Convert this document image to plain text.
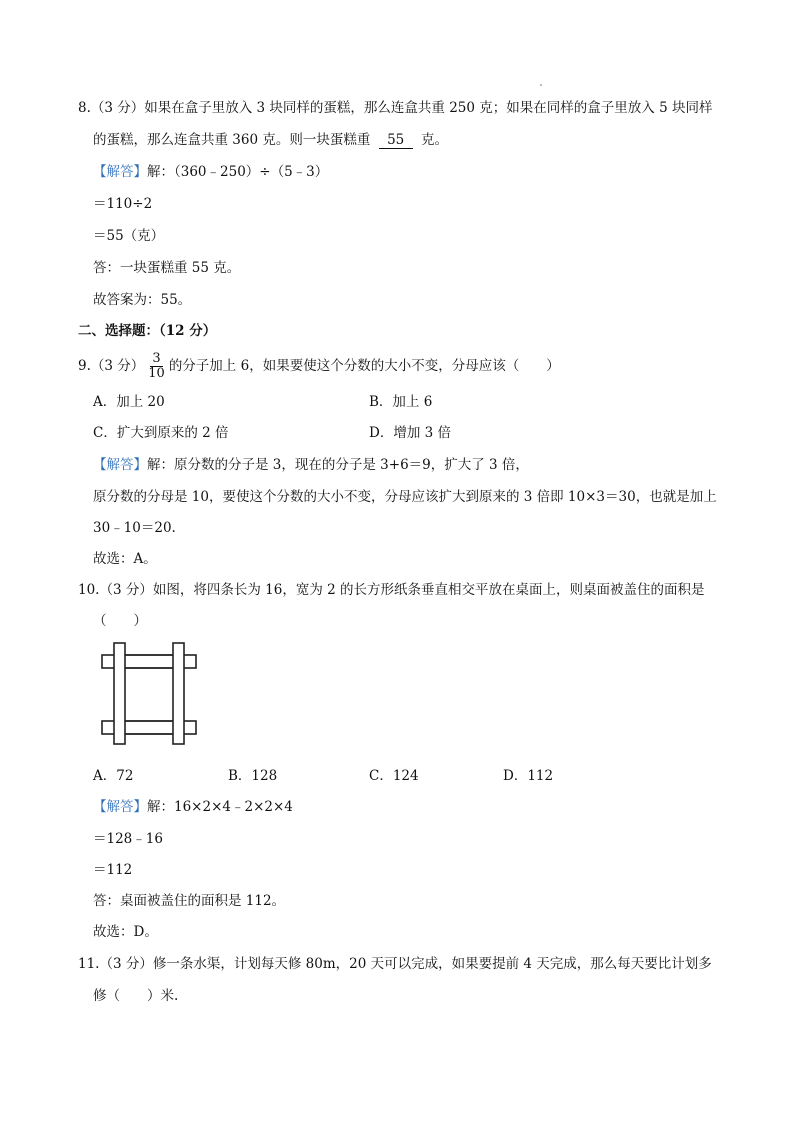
8.（3 分）如果在盒子里放入 3 块同样的蛋糕，那么连盒共重 250 克；如果在同样的盒子里放入 5 块同样
的蛋糕，那么连盒共重 360 克。则一块蛋糕重 55 克。
【解答】解：（360﹣250）÷（5﹣3）
＝110÷2
＝55（克）
答：一块蛋糕重 55 克。
故答案为：55。
二、选择题：（12 分）
9.（3 分） $\frac{3}{10}$ 的分子加上 6，如果要使这个分数的大小不变，分母应该（　　）
A．加上 20	B．加上 6
C．扩大到原来的 2 倍	D．增加 3 倍
【解答】解：原分数的分子是 3，现在的分子是 3+6＝9，扩大了 3 倍，
原分数的分母是 10，要使这个分数的大小不变，分母应该扩大到原来的 3 倍即 10×3＝30，也就是加上
30﹣10＝20.
故选：A。
10.（3 分）如图，将四条长为 16，宽为 2 的长方形纸条垂直相交平放在桌面上，则桌面被盖住的面积是
（　　）
A．72	B．128	C．124	D．112
【解答】解：16×2×4﹣2×2×4
＝128﹣16
＝112
答：桌面被盖住的面积是 112。
故选：D。
11.（3 分）修一条水渠，计划每天修 80m，20 天可以完成，如果要提前 4 天完成，那么每天要比计划多
修（　　）米.
